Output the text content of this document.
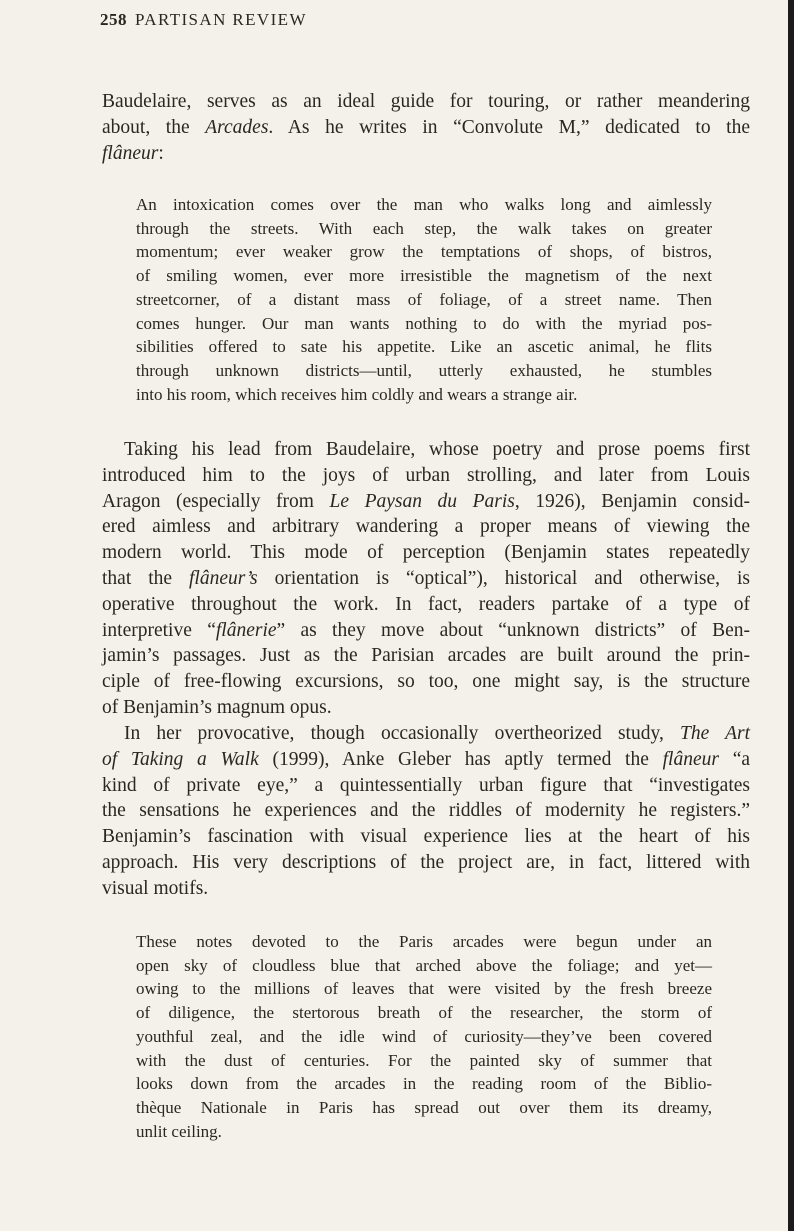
258 PARTISAN REVIEW
Baudelaire, serves as an ideal guide for touring, or rather meandering
about, the Arcades. As he writes in “Convolute M,” dedicated to the
flâneur:
An intoxication comes over the man who walks long and aimlessly
through the streets. With each step, the walk takes on greater
momentum; ever weaker grow the temptations of shops, of bistros,
of smiling women, ever more irresistible the magnetism of the next
streetcorner, of a distant mass of foliage, of a street name. Then
comes hunger. Our man wants nothing to do with the myriad pos-
sibilities offered to sate his appetite. Like an ascetic animal, he flits
through unknown districts—until, utterly exhausted, he stumbles
into his room, which receives him coldly and wears a strange air.
Taking his lead from Baudelaire, whose poetry and prose poems first
introduced him to the joys of urban strolling, and later from Louis
Aragon (especially from Le Paysan du Paris, 1926), Benjamin consid-
ered aimless and arbitrary wandering a proper means of viewing the
modern world. This mode of perception (Benjamin states repeatedly
that the flâneur’s orientation is “optical”), historical and otherwise, is
operative throughout the work. In fact, readers partake of a type of
interpretive “flânerie” as they move about “unknown districts” of Ben-
jamin’s passages. Just as the Parisian arcades are built around the prin-
ciple of free-flowing excursions, so too, one might say, is the structure
of Benjamin’s magnum opus.
In her provocative, though occasionally overtheorized study, The Art
of Taking a Walk (1999), Anke Gleber has aptly termed the flâneur “a
kind of private eye,” a quintessentially urban figure that “investigates
the sensations he experiences and the riddles of modernity he registers.”
Benjamin’s fascination with visual experience lies at the heart of his
approach. His very descriptions of the project are, in fact, littered with
visual motifs.
These notes devoted to the Paris arcades were begun under an
open sky of cloudless blue that arched above the foliage; and yet—
owing to the millions of leaves that were visited by the fresh breeze
of diligence, the stertorous breath of the researcher, the storm of
youthful zeal, and the idle wind of curiosity—they’ve been covered
with the dust of centuries. For the painted sky of summer that
looks down from the arcades in the reading room of the Biblio-
thèque Nationale in Paris has spread out over them its dreamy,
unlit ceiling.
